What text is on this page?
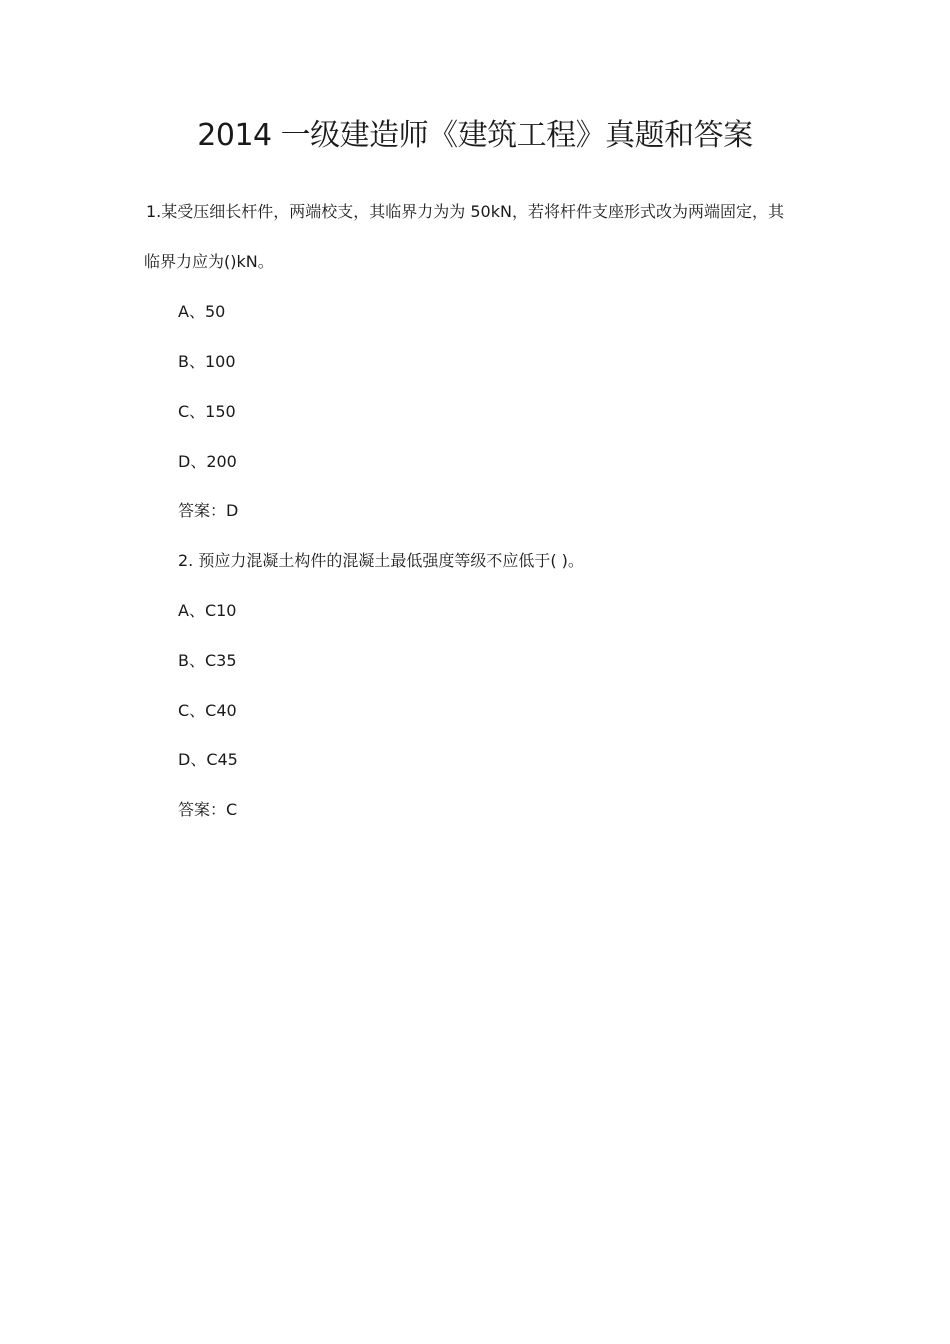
2014 一级建造师《建筑工程》真题和答案

1.某受压细长杆件，两端校支，其临界力为为 50kN，若将杆件支座形式改为两端固定，其

临界力应为()kN。

A、50

B、100

C、150

D、200

答案：D

2. 预应力混凝土构件的混凝土最低强度等级不应低于( )。

A、C10

B、C35

C、C40

D、C45

答案：C
